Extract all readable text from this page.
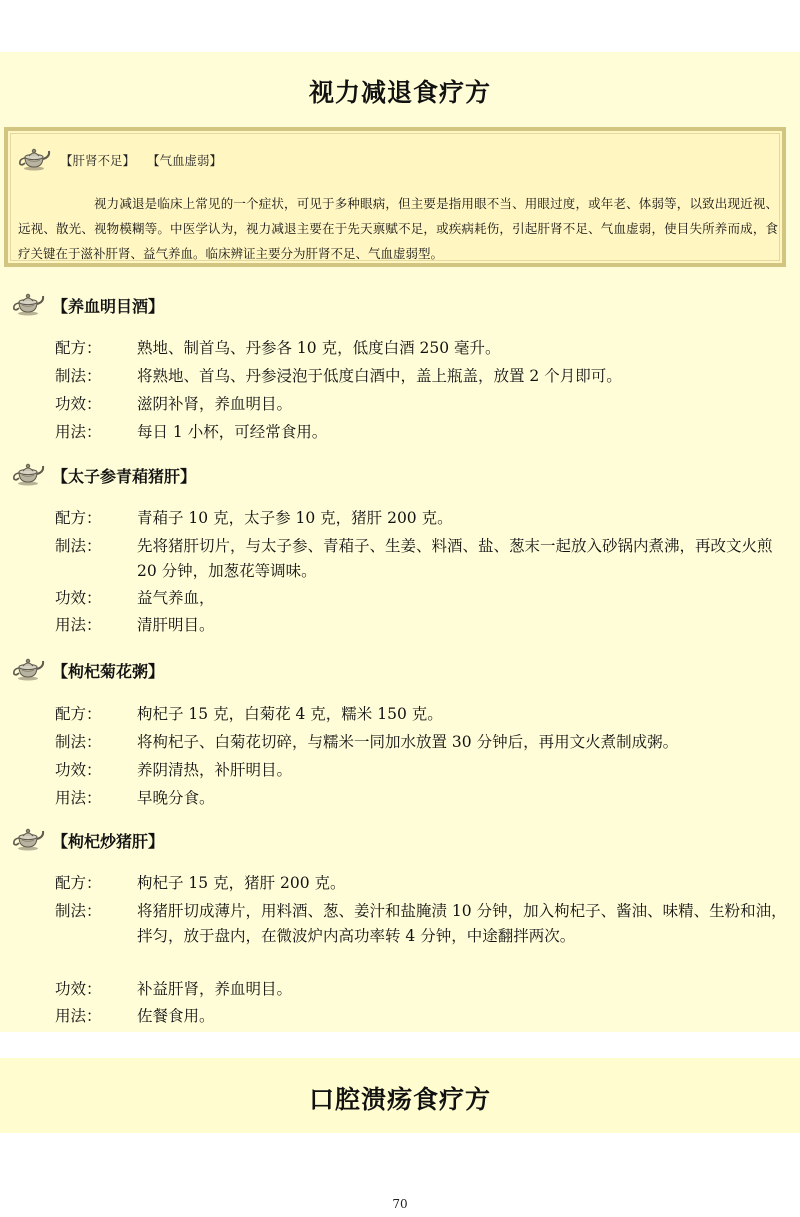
视力减退食疗方
【肝肾不足】 【气血虚弱】
视力减退是临床上常见的一个症状，可见于多种眼病，但主要是指用眼不当、用眼过度，或年老、体弱等，以致出现近视、远视、散光、视物模糊等。中医学认为，视力减退主要在于先天禀赋不足，或疾病耗伤，引起肝肾不足、气血虚弱，使目失所养而成，食疗关键在于滋补肝肾、益气养血。临床辨证主要分为肝肾不足、气血虚弱型。
【养血明目酒】
配方：	熟地、制首乌、丹参各 10 克，低度白酒 250 毫升。
制法：	将熟地、首乌、丹参浸泡于低度白酒中，盖上瓶盖，放置 2 个月即可。
功效：	滋阴补肾，养血明目。
用法：	每日 1 小杯，可经常食用。
【太子参青葙猪肝】
配方：	青葙子 10 克，太子参 10 克，猪肝 200 克。
制法：	先将猪肝切片，与太子参、青葙子、生姜、料酒、盐、葱末一起放入砂锅内煮沸，再改文火煎 20 分钟，加葱花等调味。
功效：	益气养血，
用法：	清肝明目。
【枸杞菊花粥】
配方：	枸杞子 15 克，白菊花 4 克，糯米 150 克。
制法：	将枸杞子、白菊花切碎，与糯米一同加水放置 30 分钟后，再用文火煮制成粥。
功效：	养阴清热，补肝明目。
用法：	早晚分食。
【枸杞炒猪肝】
配方：	枸杞子 15 克，猪肝 200 克。
制法：	将猪肝切成薄片，用料酒、葱、姜汁和盐腌渍 10 分钟，加入枸杞子、酱油、味精、生粉和油，拌匀，放于盘内，在微波炉内高功率转 4 分钟，中途翻拌两次。
功效：	补益肝肾，养血明目。
用法：	佐餐食用。
口腔溃疡食疗方
70
